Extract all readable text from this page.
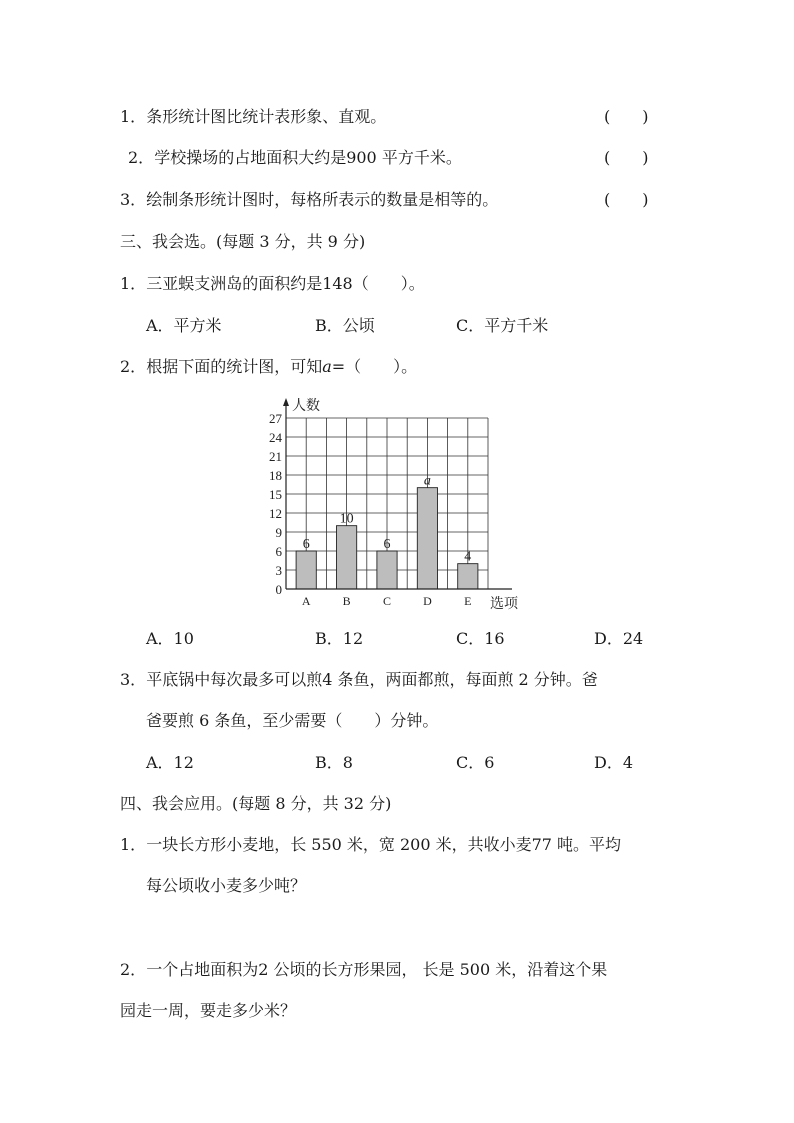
1．条形统计图比统计表形象、直观。	(　　)
2．学校操场的占地面积大约是900 平方千米。	(　　)
3．绘制条形统计图时，每格所表示的数量是相等的。	(　　)
三、我会选。(每题 3 分，共 9 分)
1．三亚蜈支洲岛的面积约是148（　　）。
A．平方米	B．公顷	C．平方千米
2．根据下面的统计图，可知a=（　　）。
0
3
6
9
12
15
18
21
24
27
人数
选项
6
A
10
B
6
C
a
D
4
E
A．10	B．12	C．16	D．24
3．平底锅中每次最多可以煎4 条鱼，两面都煎，每面煎 2 分钟。爸
爸要煎 6 条鱼，至少需要（　　）分钟。
A．12	B．8	C．6	D．4
四、我会应用。(每题 8 分，共 32 分)
1．一块长方形小麦地，长 550 米，宽 200 米，共收小麦77 吨。平均
每公顷收小麦多少吨？
2．一个占地面积为2 公顷的长方形果园， 长是 500 米，沿着这个果
园走一周，要走多少米？
